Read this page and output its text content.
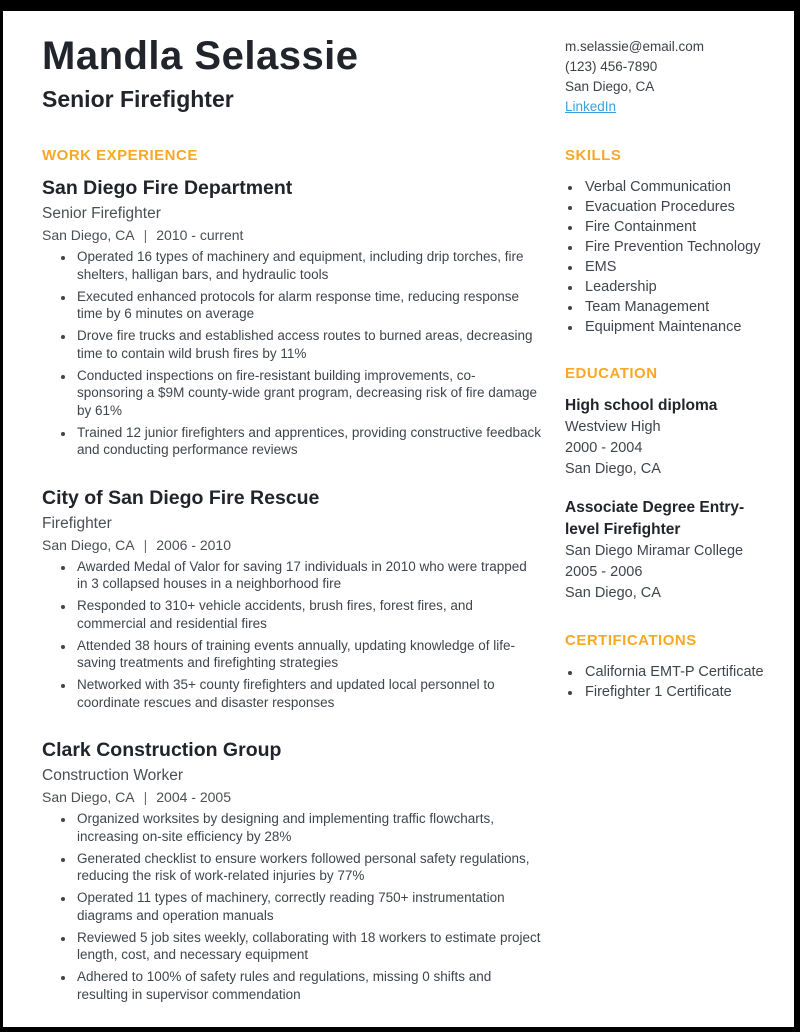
Mandla Selassie
Senior Firefighter
m.selassie@email.com
(123) 456-7890
San Diego, CA
LinkedIn
WORK EXPERIENCE
San Diego Fire Department
Senior Firefighter
San Diego, CA | 2010 - current
• Operated 16 types of machinery and equipment, including drip torches, fire shelters, halligan bars, and hydraulic tools
• Executed enhanced protocols for alarm response time, reducing response time by 6 minutes on average
• Drove fire trucks and established access routes to burned areas, decreasing time to contain wild brush fires by 11%
• Conducted inspections on fire-resistant building improvements, co-sponsoring a $9M county-wide grant program, decreasing risk of fire damage by 61%
• Trained 12 junior firefighters and apprentices, providing constructive feedback and conducting performance reviews
City of San Diego Fire Rescue
Firefighter
San Diego, CA | 2006 - 2010
• Awarded Medal of Valor for saving 17 individuals in 2010 who were trapped in 3 collapsed houses in a neighborhood fire
• Responded to 310+ vehicle accidents, brush fires, forest fires, and commercial and residential fires
• Attended 38 hours of training events annually, updating knowledge of life-saving treatments and firefighting strategies
• Networked with 35+ county firefighters and updated local personnel to coordinate rescues and disaster responses
Clark Construction Group
Construction Worker
San Diego, CA | 2004 - 2005
• Organized worksites by designing and implementing traffic flowcharts, increasing on-site efficiency by 28%
• Generated checklist to ensure workers followed personal safety regulations, reducing the risk of work-related injuries by 77%
• Operated 11 types of machinery, correctly reading 750+ instrumentation diagrams and operation manuals
• Reviewed 5 job sites weekly, collaborating with 18 workers to estimate project length, cost, and necessary equipment
• Adhered to 100% of safety rules and regulations, missing 0 shifts and resulting in supervisor commendation
SKILLS
• Verbal Communication
• Evacuation Procedures
• Fire Containment
• Fire Prevention Technology
• EMS
• Leadership
• Team Management
• Equipment Maintenance
EDUCATION
High school diploma
Westview High
2000 - 2004
San Diego, CA
Associate Degree Entry-level Firefighter
San Diego Miramar College
2005 - 2006
San Diego, CA
CERTIFICATIONS
• California EMT-P Certificate
• Firefighter 1 Certificate
